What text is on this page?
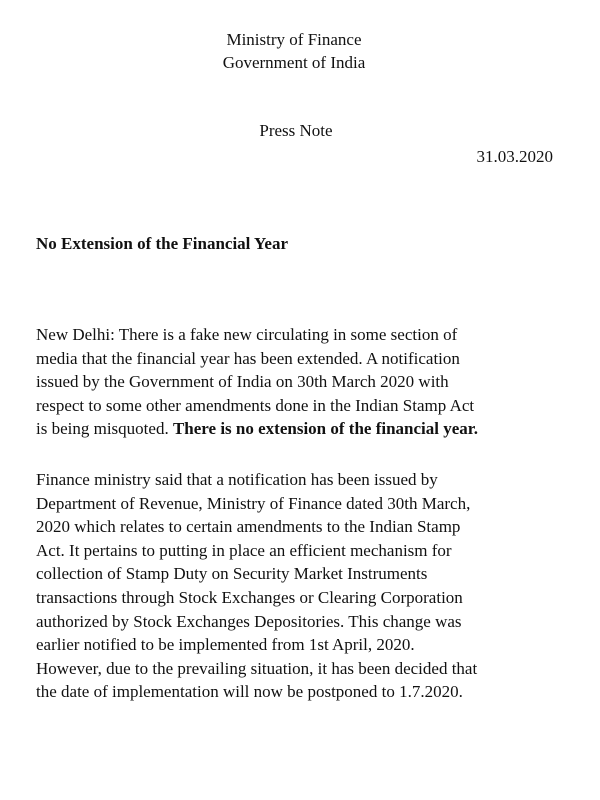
Ministry of Finance
Government of India
Press Note
31.03.2020
No Extension of the Financial Year
New Delhi: There is a fake new circulating in some section of
media that the financial year has been extended. A notification
issued by the Government of India on 30th March 2020 with
respect to some other amendments done in the Indian Stamp Act
is being misquoted. There is no extension of the financial year.
Finance ministry said that a notification has been issued by
Department of Revenue, Ministry of Finance dated 30th March,
2020 which relates to certain amendments to the Indian Stamp
Act. It pertains to putting in place an efficient mechanism for
collection of Stamp Duty on Security Market Instruments
transactions through Stock Exchanges or Clearing Corporation
authorized by Stock Exchanges Depositories. This change was
earlier notified to be implemented from 1st April, 2020.
However, due to the prevailing situation, it has been decided that
the date of implementation will now be postponed to 1.7.2020.
